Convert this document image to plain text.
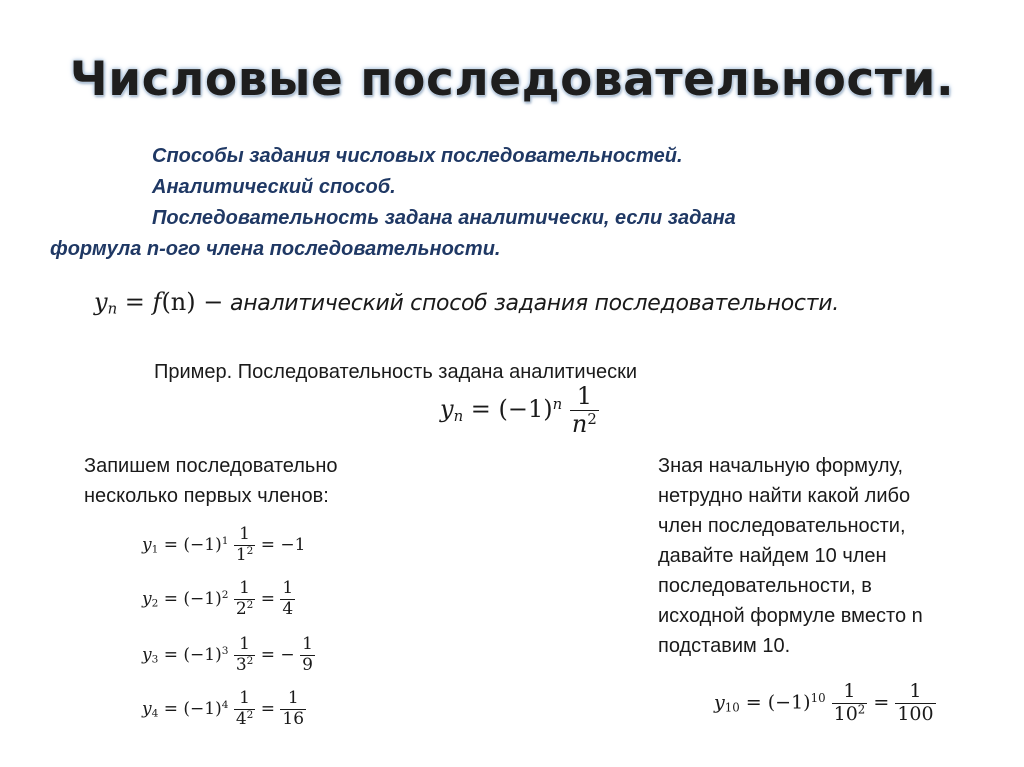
Числовые последовательности.
Способы задания числовых последовательностей.
Аналитический способ.
Последовательность задана аналитически, если задана
формула n-ого члена последовательности.
$y_n = f(n)$ − аналитический способ задания последовательности.
Пример. Последовательность задана аналитически
$y_n = (-1)^n \frac{1}{n^2}$
Запишем последовательно
несколько первых членов:
$y_1 = (-1)^1 \frac{1}{1^2} = -1$
$y_2 = (-1)^2 \frac{1}{2^2} = \frac{1}{4}$
$y_3 = (-1)^3 \frac{1}{3^2}$ = − $\frac{1}{9}$
$y_4 = (-1)^4 \frac{1}{4^2} = \frac{1}{16}$
Зная начальную формулу,
нетрудно найти какой либо
член последовательности,
давайте найдем 10 член
последовательности, в
исходной формуле вместо n
подставим 10.
$y_{10} = (-1)^{10} \frac{1}{10^2} = \frac{1}{100}$
